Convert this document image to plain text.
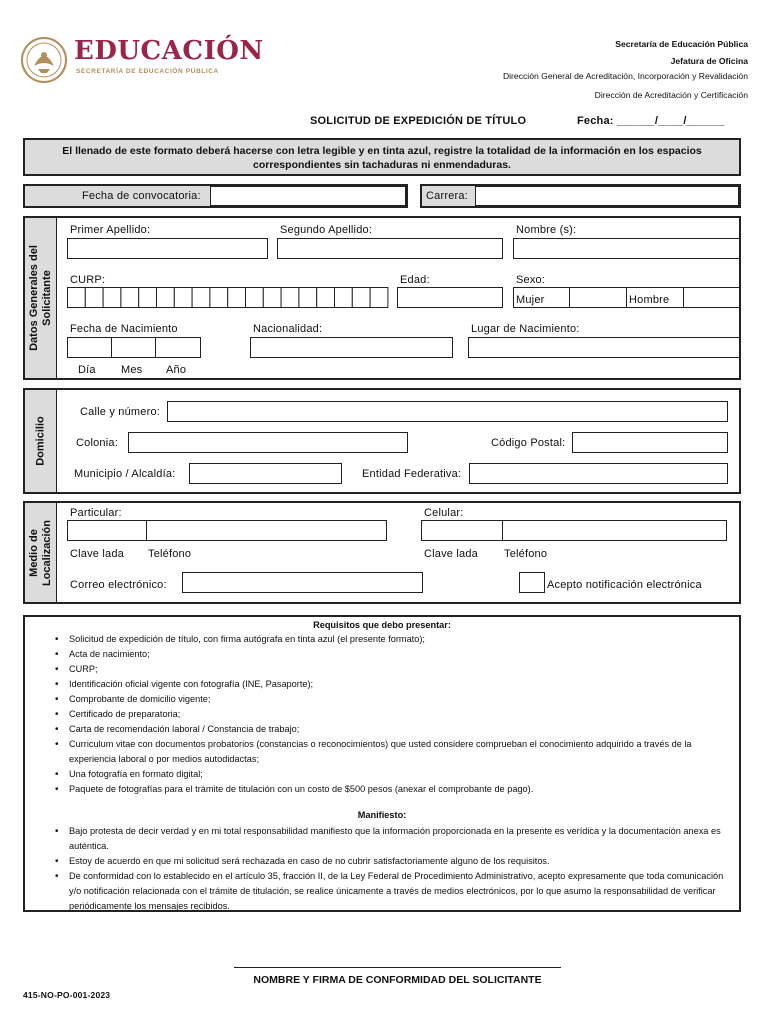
EDUCACIÓN
SECRETARÍA DE EDUCACIÓN PÚBLICA
Secretaría de Educación Pública
Jefatura de Oficina
Dirección General de Acreditación, Incorporación y Revalidación
Dirección de Acreditación y Certificación
SOLICITUD DE EXPEDICIÓN DE TÍTULO	Fecha: ______/____/______
El llenado de este formato deberá hacerse con letra legible y en tinta azul, registre la totalidad de la información en los espacios correspondientes sin tachaduras ni enmendaduras.
Fecha de convocatoria:	Carrera:
Datos Generales del Solicitante
Primer Apellido:	Segundo Apellido:	Nombre (s):
CURP:	Edad:	Sexo:
Mujer	Hombre
Fecha de Nacimiento
Día Mes Año
Nacionalidad:	Lugar de Nacimiento:
Domicilio
Calle y número:
Colonia:	Código Postal:
Municipio / Alcaldía:	Entidad Federativa:
Medio de Localización
Particular:
Clave lada Teléfono
Celular:
Clave lada Teléfono
Correo electrónico:	Acepto notificación electrónica
Requisitos que debo presentar:
• Solicitud de expedición de título, con firma autógrafa en tinta azul (el presente formato);
• Acta de nacimiento;
• CURP;
• Identificación oficial vigente con fotografía (INE, Pasaporte);
• Comprobante de domicilio vigente;
• Certificado de preparatoria;
• Carta de recomendación laboral / Constancia de trabajo;
• Curriculum vitae con documentos probatorios (constancias o reconocimientos) que usted considere comprueban el conocimiento adquirido a través de la experiencia laboral o por medios autodidactas;
• Una fotografía en formato digital;
• Paquete de fotografías para el trámite de titulación con un costo de $500 pesos (anexar el comprobante de pago).
Manifiesto:
• Bajo protesta de decir verdad y en mi total responsabilidad manifiesto que la información proporcionada en la presente es verídica y la documentación anexa es auténtica.
• Estoy de acuerdo en que mi solicitud será rechazada en caso de no cubrir satisfactoriamente alguno de los requisitos.
• De conformidad con lo establecido en el artículo 35, fracción II, de la Ley Federal de Procedimiento Administrativo, acepto expresamente que toda comunicación y/o notificación relacionada con el trámite de titulación, se realice únicamente a través de medios electrónicos, por lo que asumo la responsabilidad de verificar periódicamente los mensajes recibidos.
NOMBRE Y FIRMA DE CONFORMIDAD DEL SOLICITANTE
415-NO-PO-001-2023
